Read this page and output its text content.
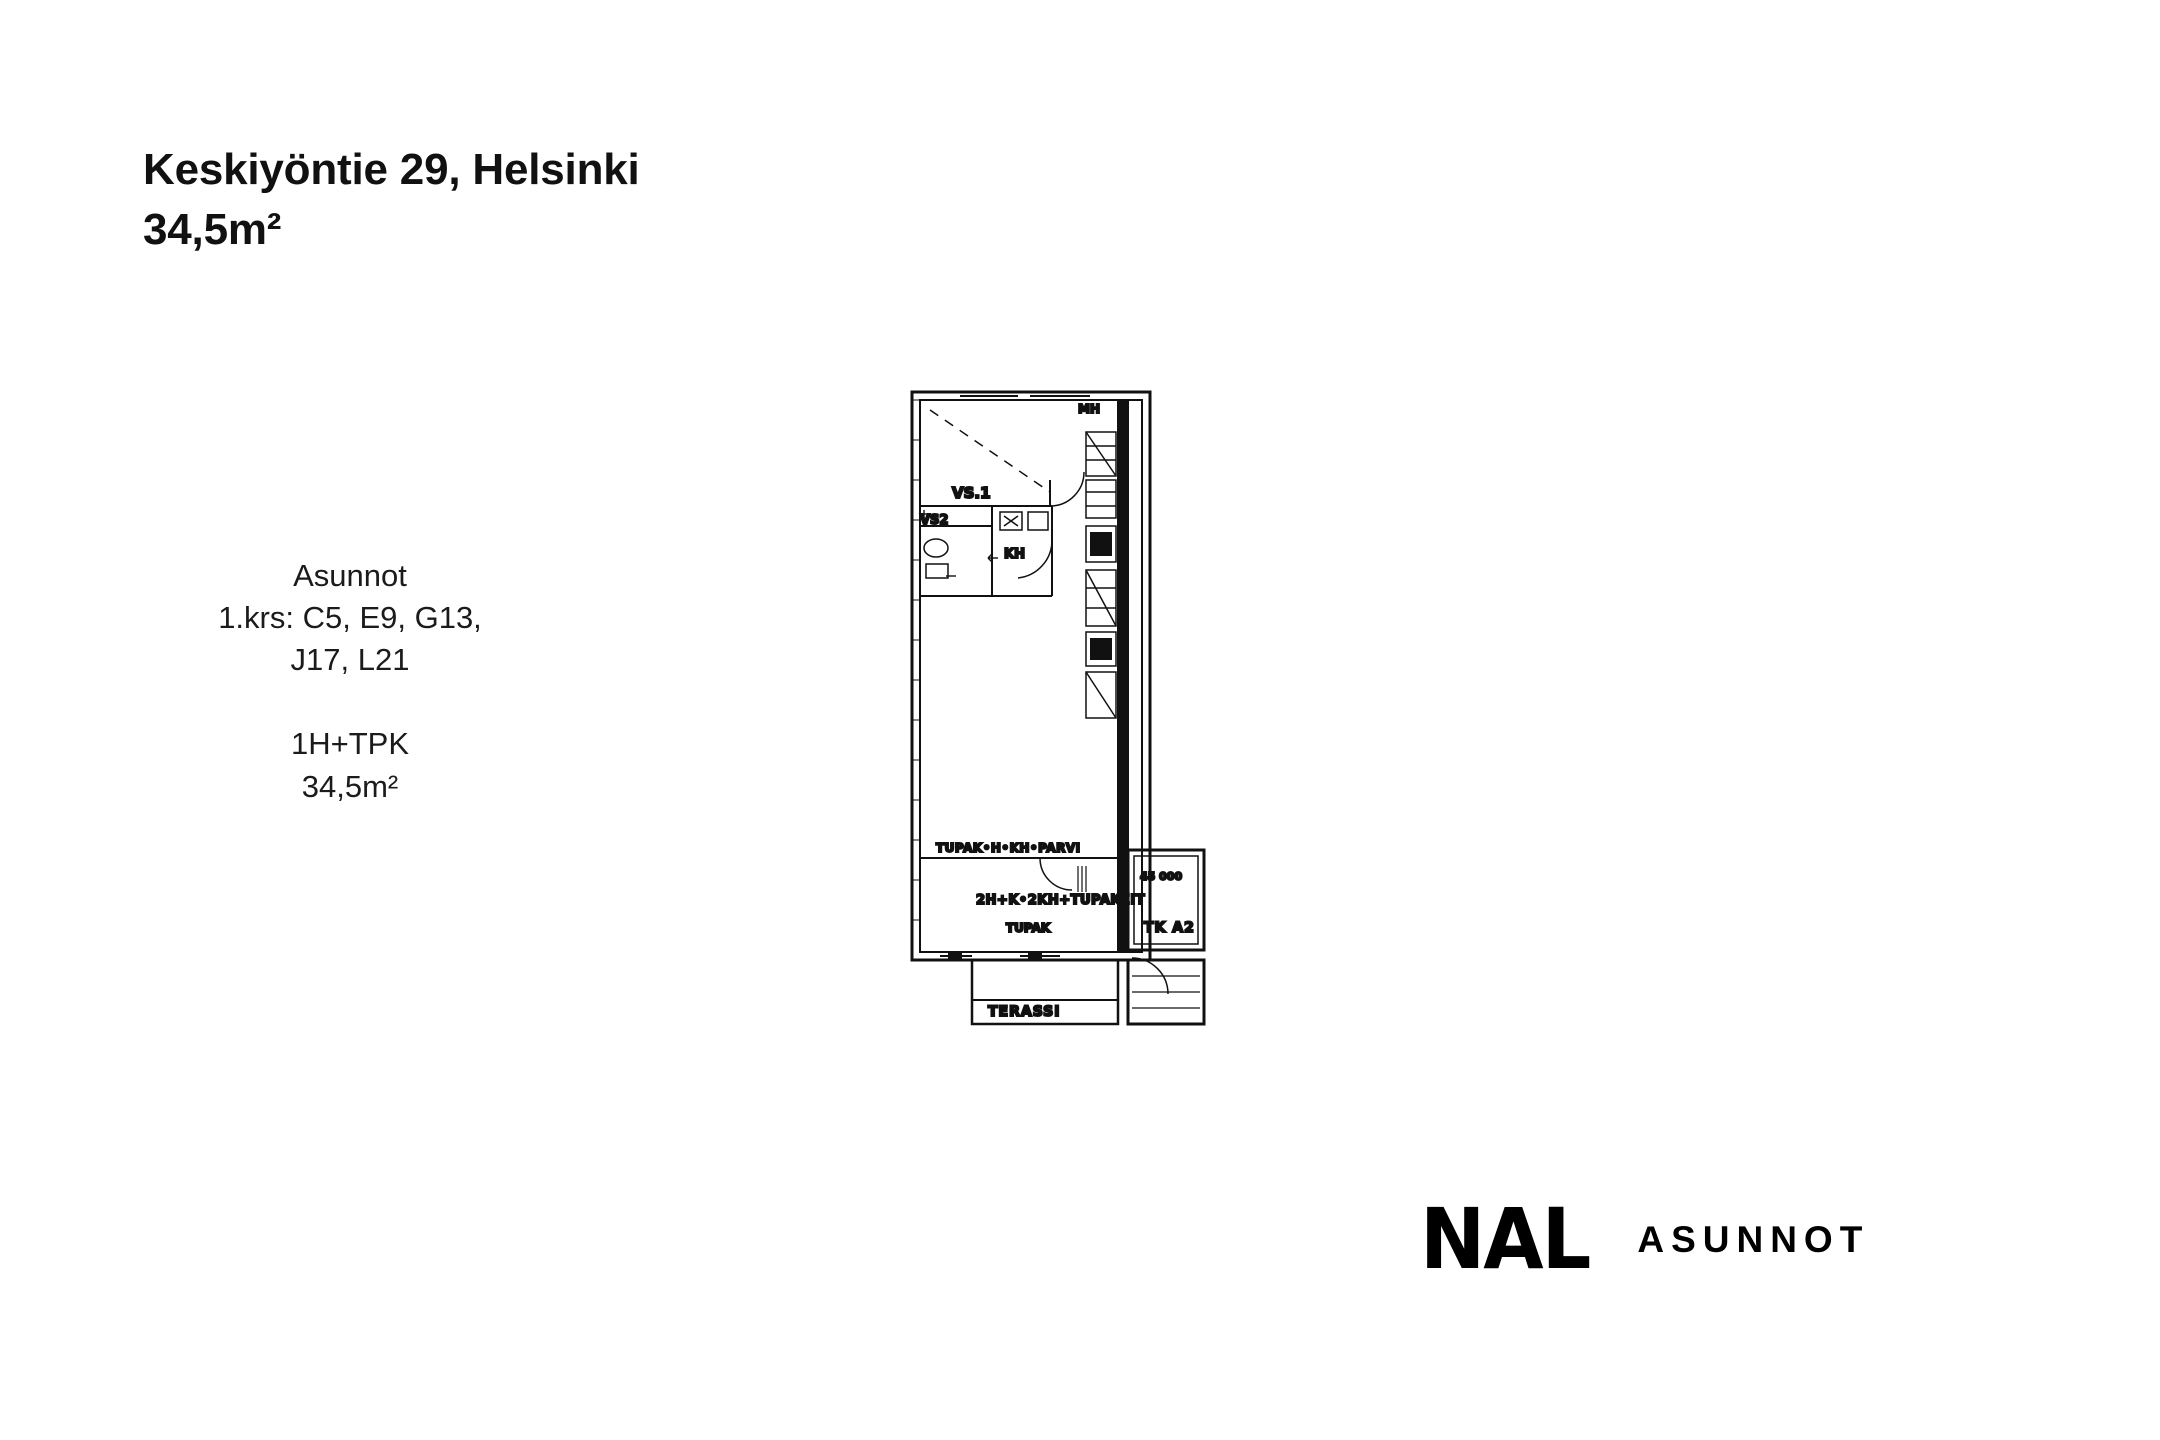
Keskiyöntie 29, Helsinki
34,5m²
Asunnot
1.krs: C5, E9, G13,
J17, L21
1H+TPK
34,5m²
MH
VS.1
VS2
KH
TUPAK•H•KH•PARVI
2H+K•2KH+TUPAKEIT
TUPAK
45 000
TK A2
TERASSI
NAL ASUNNOT
